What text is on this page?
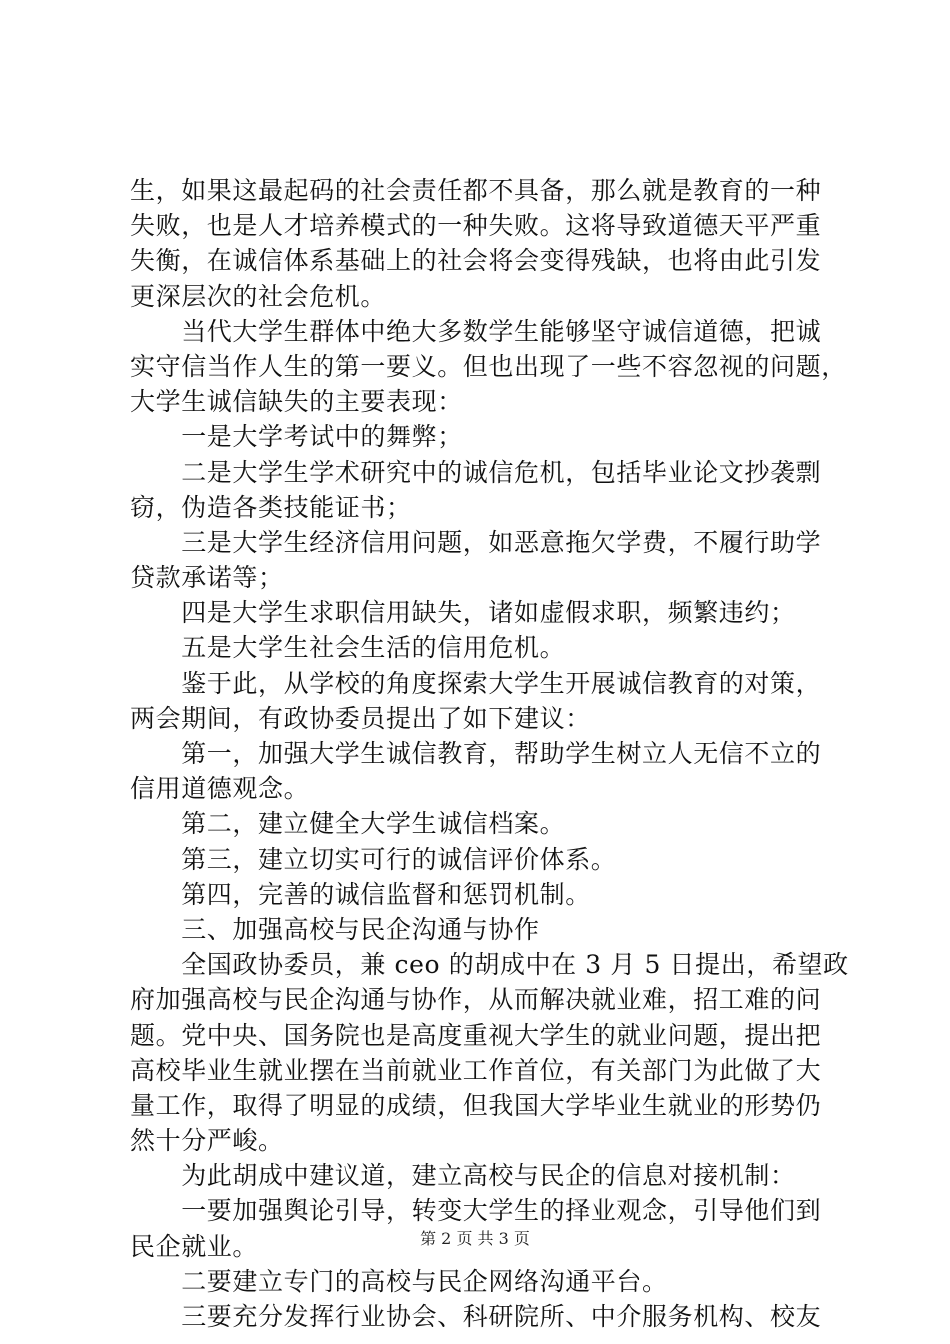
生，如果这最起码的社会责任都不具备，那么就是教育的一种
失败，也是人才培养模式的一种失败。这将导致道德天平严重
失衡，在诚信体系基础上的社会将会变得残缺，也将由此引发
更深层次的社会危机。
　　当代大学生群体中绝大多数学生能够坚守诚信道德，把诚
实守信当作人生的第一要义。但也出现了一些不容忽视的问题，
大学生诚信缺失的主要表现：
　　一是大学考试中的舞弊；
　　二是大学生学术研究中的诚信危机，包括毕业论文抄袭剽
窃，伪造各类技能证书；
　　三是大学生经济信用问题，如恶意拖欠学费，不履行助学
贷款承诺等；
　　四是大学生求职信用缺失，诸如虚假求职，频繁违约；
　　五是大学生社会生活的信用危机。
　　鉴于此，从学校的角度探索大学生开展诚信教育的对策，
两会期间，有政协委员提出了如下建议：
　　第一，加强大学生诚信教育，帮助学生树立人无信不立的
信用道德观念。
　　第二，建立健全大学生诚信档案。
　　第三，建立切实可行的诚信评价体系。
　　第四，完善的诚信监督和惩罚机制。
　　三、加强高校与民企沟通与协作
　　全国政协委员，兼 ceo 的胡成中在 3 月 5 日提出，希望政
府加强高校与民企沟通与协作，从而解决就业难，招工难的问
题。党中央、国务院也是高度重视大学生的就业问题，提出把
高校毕业生就业摆在当前就业工作首位，有关部门为此做了大
量工作，取得了明显的成绩，但我国大学毕业生就业的形势仍
然十分严峻。
　　为此胡成中建议道，建立高校与民企的信息对接机制：
　　一要加强舆论引导，转变大学生的择业观念，引导他们到
民企就业。
　　二要建立专门的高校与民企网络沟通平台。
　　三要充分发挥行业协会、科研院所、中介服务机构、校友
第 2 页 共 3 页
